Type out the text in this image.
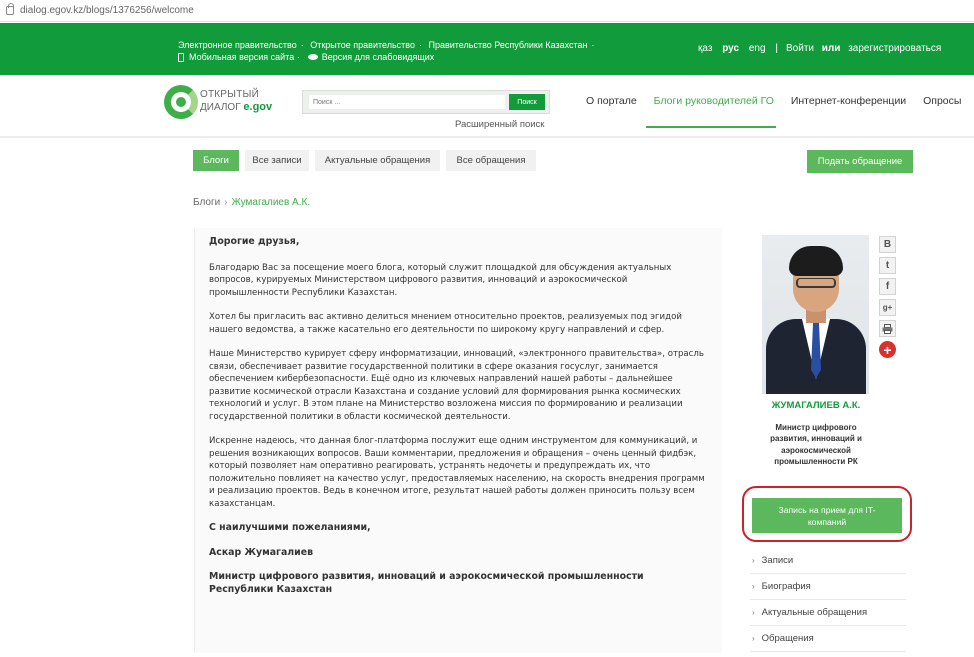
dialog.egov.kz/blogs/1376256/welcome
Электронное правительство · Открытое правительство · Правительство Республики Казахстан ·
Мобильная версия сайта · Версия для слабовидящих
қаз рус eng | Войти или зарегистрироваться
ОТКРЫТЫЙ
ДИАЛОГ e.gov
Поиск ...	Поиск
Расширенный поиск
О портале Блоги руководителей ГО Интернет-конференции Опросы
Блоги	Все записи	Актуальные обращения	Все обращения	Подать обращение
Блоги › Жумагалиев А.К.

Дорогие друзья,

Благодарю Вас за посещение моего блога, который служит площадкой для обсуждения актуальных вопросов, курируемых Министерством цифрового развития, инноваций и аэрокосмической промышленности Республики Казахстан.

Хотел бы пригласить вас активно делиться мнением относительно проектов, реализуемых под эгидой нашего ведомства, а также касательно его деятельности по широкому кругу направлений и сфер.

Наше Министерство курирует сферу информатизации, инноваций, «электронного правительства», отрасль связи, обеспечивает развитие государственной политики в сфере оказания госуслуг, занимается обеспечением кибербезопасности. Ещё одно из ключевых направлений нашей работы – дальнейшее развитие космической отрасли Казахстана и создание условий для формирования рынка космических технологий и услуг. В этом плане на Министерство возложена миссия по формированию и реализации государственной политики в области космической деятельности.

Искренне надеюсь, что данная блог-платформа послужит еще одним инструментом для коммуникаций, и решения возникающих вопросов. Ваши комментарии, предложения и обращения – очень ценный фидбэк, который позволяет нам оперативно реагировать, устранять недочеты и предупреждать их, что положительно повлияет на качество услуг, предоставляемых населению, на скорость внедрения программ и реализацию проектов. Ведь в конечном итоге, результат нашей работы должен приносить пользу всем казахстанцам.

С наилучшими пожеланиями,

Аскар Жумагалиев

Министр цифрового развития, инноваций и аэрокосмической промышленности Республики Казахстан

В
t
f
g+
+
ЖУМАГАЛИЕВ А.К.
Министр цифрового развития, инноваций и аэрокосмической промышленности РК
Запись на прием для IT-компаний
› Записи
› Биография
› Актуальные обращения
› Обращения
